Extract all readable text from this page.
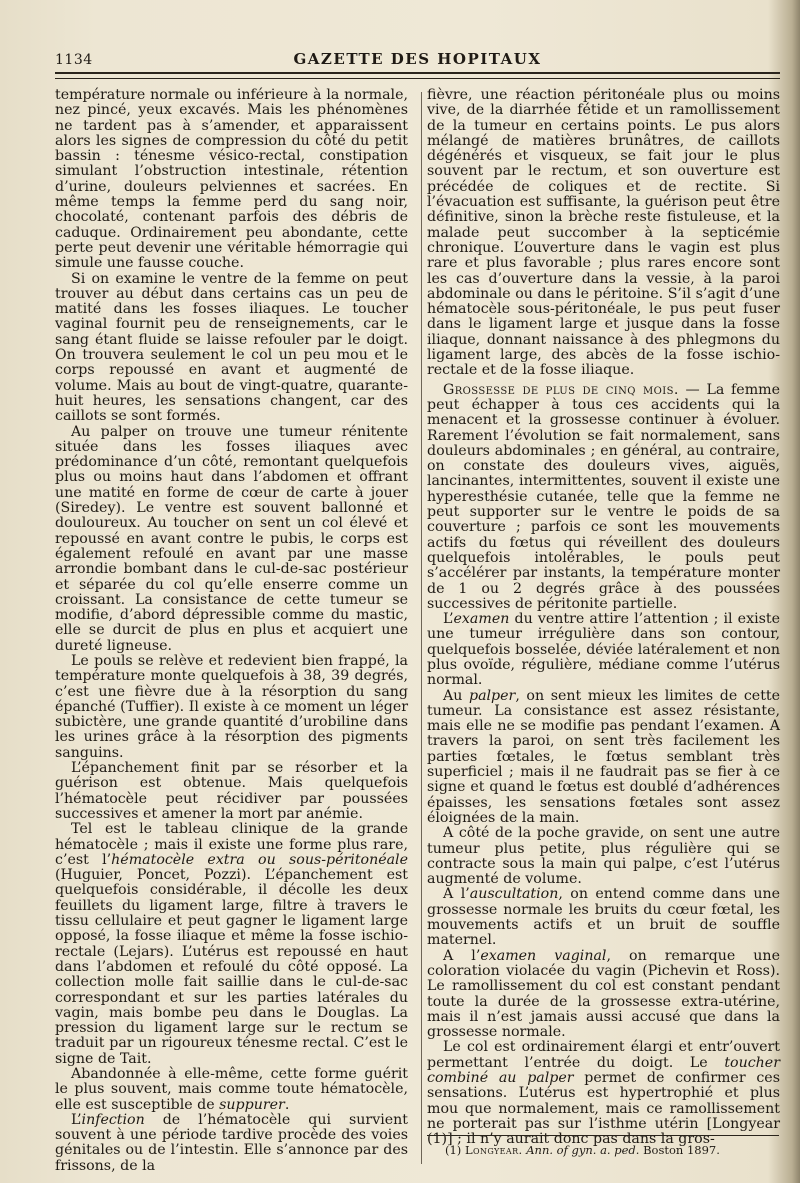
1134	GAZETTE DES HOPITAUX

température normale ou inférieure à la normale, nez pincé, yeux excavés. Mais les phénomènes ne tardent pas à s’amender, et apparaissent alors les signes de compression du côté du petit bassin : ténesme vésico-rectal, constipation simulant l’obstruction intestinale, rétention d’urine, douleurs pelviennes et sacrées. En même temps la femme perd du sang noir, chocolaté, contenant parfois des débris de caduque. Ordinairement peu abondante, cette perte peut devenir une véritable hémorragie qui simule une fausse couche.

Si on examine le ventre de la femme on peut trouver au début dans certains cas un peu de matité dans les fosses iliaques. Le toucher vaginal fournit peu de renseignements, car le sang étant fluide se laisse refouler par le doigt. On trouvera seulement le col un peu mou et le corps repoussé en avant et augmenté de volume. Mais au bout de vingt-quatre, quarante-huit heures, les sensations changent, car des caillots se sont formés.

Au palper on trouve une tumeur rénitente située dans les fosses iliaques avec prédominance d’un côté, remontant quelquefois plus ou moins haut dans l’abdomen et offrant une matité en forme de cœur de carte à jouer (Siredey). Le ventre est souvent ballonné et douloureux. Au toucher on sent un col élevé et repoussé en avant contre le pubis, le corps est également refoulé en avant par une masse arrondie bombant dans le cul-de-sac postérieur et séparée du col qu’elle enserre comme un croissant. La consistance de cette tumeur se modifie, d’abord dépressible comme du mastic, elle se durcit de plus en plus et acquiert une dureté ligneuse.

Le pouls se relève et redevient bien frappé, la température monte quelquefois à 38, 39 degrés, c’est une fièvre due à la résorption du sang épanché (Tuffier). Il existe à ce moment un léger subictère, une grande quantité d’urobiline dans les urines grâce à la résorption des pigments sanguins.

L’épanchement finit par se résorber et la guérison est obtenue. Mais quelquefois l’hématocèle peut récidiver par poussées successives et amener la mort par anémie.

Tel est le tableau clinique de la grande hématocèle ; mais il existe une forme plus rare, c’est l’hématocèle extra ou sous-péritonéale (Huguier, Poncet, Pozzi). L’épanchement est quelquefois considérable, il décolle les deux feuillets du ligament large, filtre à travers le tissu cellulaire et peut gagner le ligament large opposé, la fosse iliaque et même la fosse ischio-rectale (Lejars). L’utérus est repoussé en haut dans l’abdomen et refoulé du côté opposé. La collection molle fait saillie dans le cul-de-sac correspondant et sur les parties latérales du vagin, mais bombe peu dans le Douglas. La pression du ligament large sur le rectum se traduit par un rigoureux ténesme rectal. C’est le signe de Tait.

Abandonnée à elle-même, cette forme guérit le plus souvent, mais comme toute hématocèle, elle est susceptible de suppurer.

L’infection de l’hématocèle qui survient souvent à une période tardive procède des voies génitales ou de l’intestin. Elle s’annonce par des frissons, de la

fièvre, une réaction péritonéale plus ou moins vive, de la diarrhée fétide et un ramollissement de la tumeur en certains points. Le pus alors mélangé de matières brunâtres, de caillots dégénérés et visqueux, se fait jour le plus souvent par le rectum, et son ouverture est précédée de coliques et de rectite. Si l’évacuation est suffisante, la guérison peut être définitive, sinon la brèche reste fistuleuse, et la malade peut succomber à la septicémie chronique. L’ouverture dans le vagin est plus rare et plus favorable ; plus rares encore sont les cas d’ouverture dans la vessie, à la paroi abdominale ou dans le péritoine. S’il s’agit d’une hématocèle sous-péritonéale, le pus peut fuser dans le ligament large et jusque dans la fosse iliaque, donnant naissance à des phlegmons du ligament large, des abcès de la fosse ischio-rectale et de la fosse iliaque.

Grossesse de plus de cinq mois. — La femme peut échapper à tous ces accidents qui la menacent et la grossesse continuer à évoluer. Rarement l’évolution se fait normalement, sans douleurs abdominales ; en général, au contraire, on constate des douleurs vives, aiguës, lancinantes, intermittentes, souvent il existe une hyperesthésie cutanée, telle que la femme ne peut supporter sur le ventre le poids de sa couverture ; parfois ce sont les mouvements actifs du fœtus qui réveillent des douleurs quelquefois intolérables, le pouls peut s’accélérer par instants, la température monter de 1 ou 2 degrés grâce à des poussées successives de péritonite partielle.

L’examen du ventre attire l’attention ; il existe une tumeur irrégulière dans son contour, quelquefois bosselée, déviée latéralement et non plus ovoïde, régulière, médiane comme l’utérus normal.

Au palper, on sent mieux les limites de cette tumeur. La consistance est assez résistante, mais elle ne se modifie pas pendant l’examen. A travers la paroi, on sent très facilement les parties fœtales, le fœtus semblant très superficiel ; mais il ne faudrait pas se fier à ce signe et quand le fœtus est doublé d’adhérences épaisses, les sensations fœtales sont assez éloignées de la main.

A côté de la poche gravide, on sent une autre tumeur plus petite, plus régulière qui se contracte sous la main qui palpe, c’est l’utérus augmenté de volume.

A l’auscultation, on entend comme dans une grossesse normale les bruits du cœur fœtal, les mouvements actifs et un bruit de souffle maternel.

A l’examen vaginal, on remarque une coloration violacée du vagin (Pichevin et Ross). Le ramollissement du col est constant pendant toute la durée de la grossesse extra-utérine, mais il n’est jamais aussi accusé que dans la grossesse normale.

Le col est ordinairement élargi et entr’ouvert permettant l’entrée du doigt. Le toucher combiné au palper permet de confirmer ces sensations. L’utérus est hypertrophié et plus mou que normalement, mais ce ramollissement ne porterait pas sur l’isthme utérin [Longyear (1)] ; il n’y aurait donc pas dans la gros-

(1) Longyear. Ann. of gyn. a. ped. Boston 1897.
